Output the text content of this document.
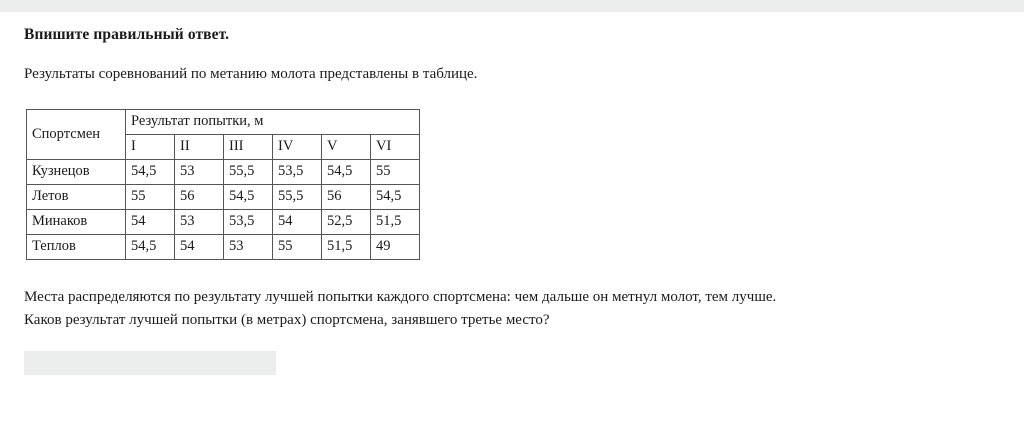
Впишите правильный ответ.
Результаты соревнований по метанию молота представлены в таблице.
Спортсмен	Результат попытки, м					
	I	II	III	IV	V	VI
Кузнецов	54,5	53	55,5	53,5	54,5	55
Летов	55	56	54,5	55,5	56	54,5
Минаков	54	53	53,5	54	52,5	51,5
Теплов	54,5	54	53	55	51,5	49
Места распределяются по результату лучшей попытки каждого спортсмена: чем дальше он метнул молот, тем лучше.
Каков результат лучшей попытки (в метрах) спортсмена, занявшего третье место?
